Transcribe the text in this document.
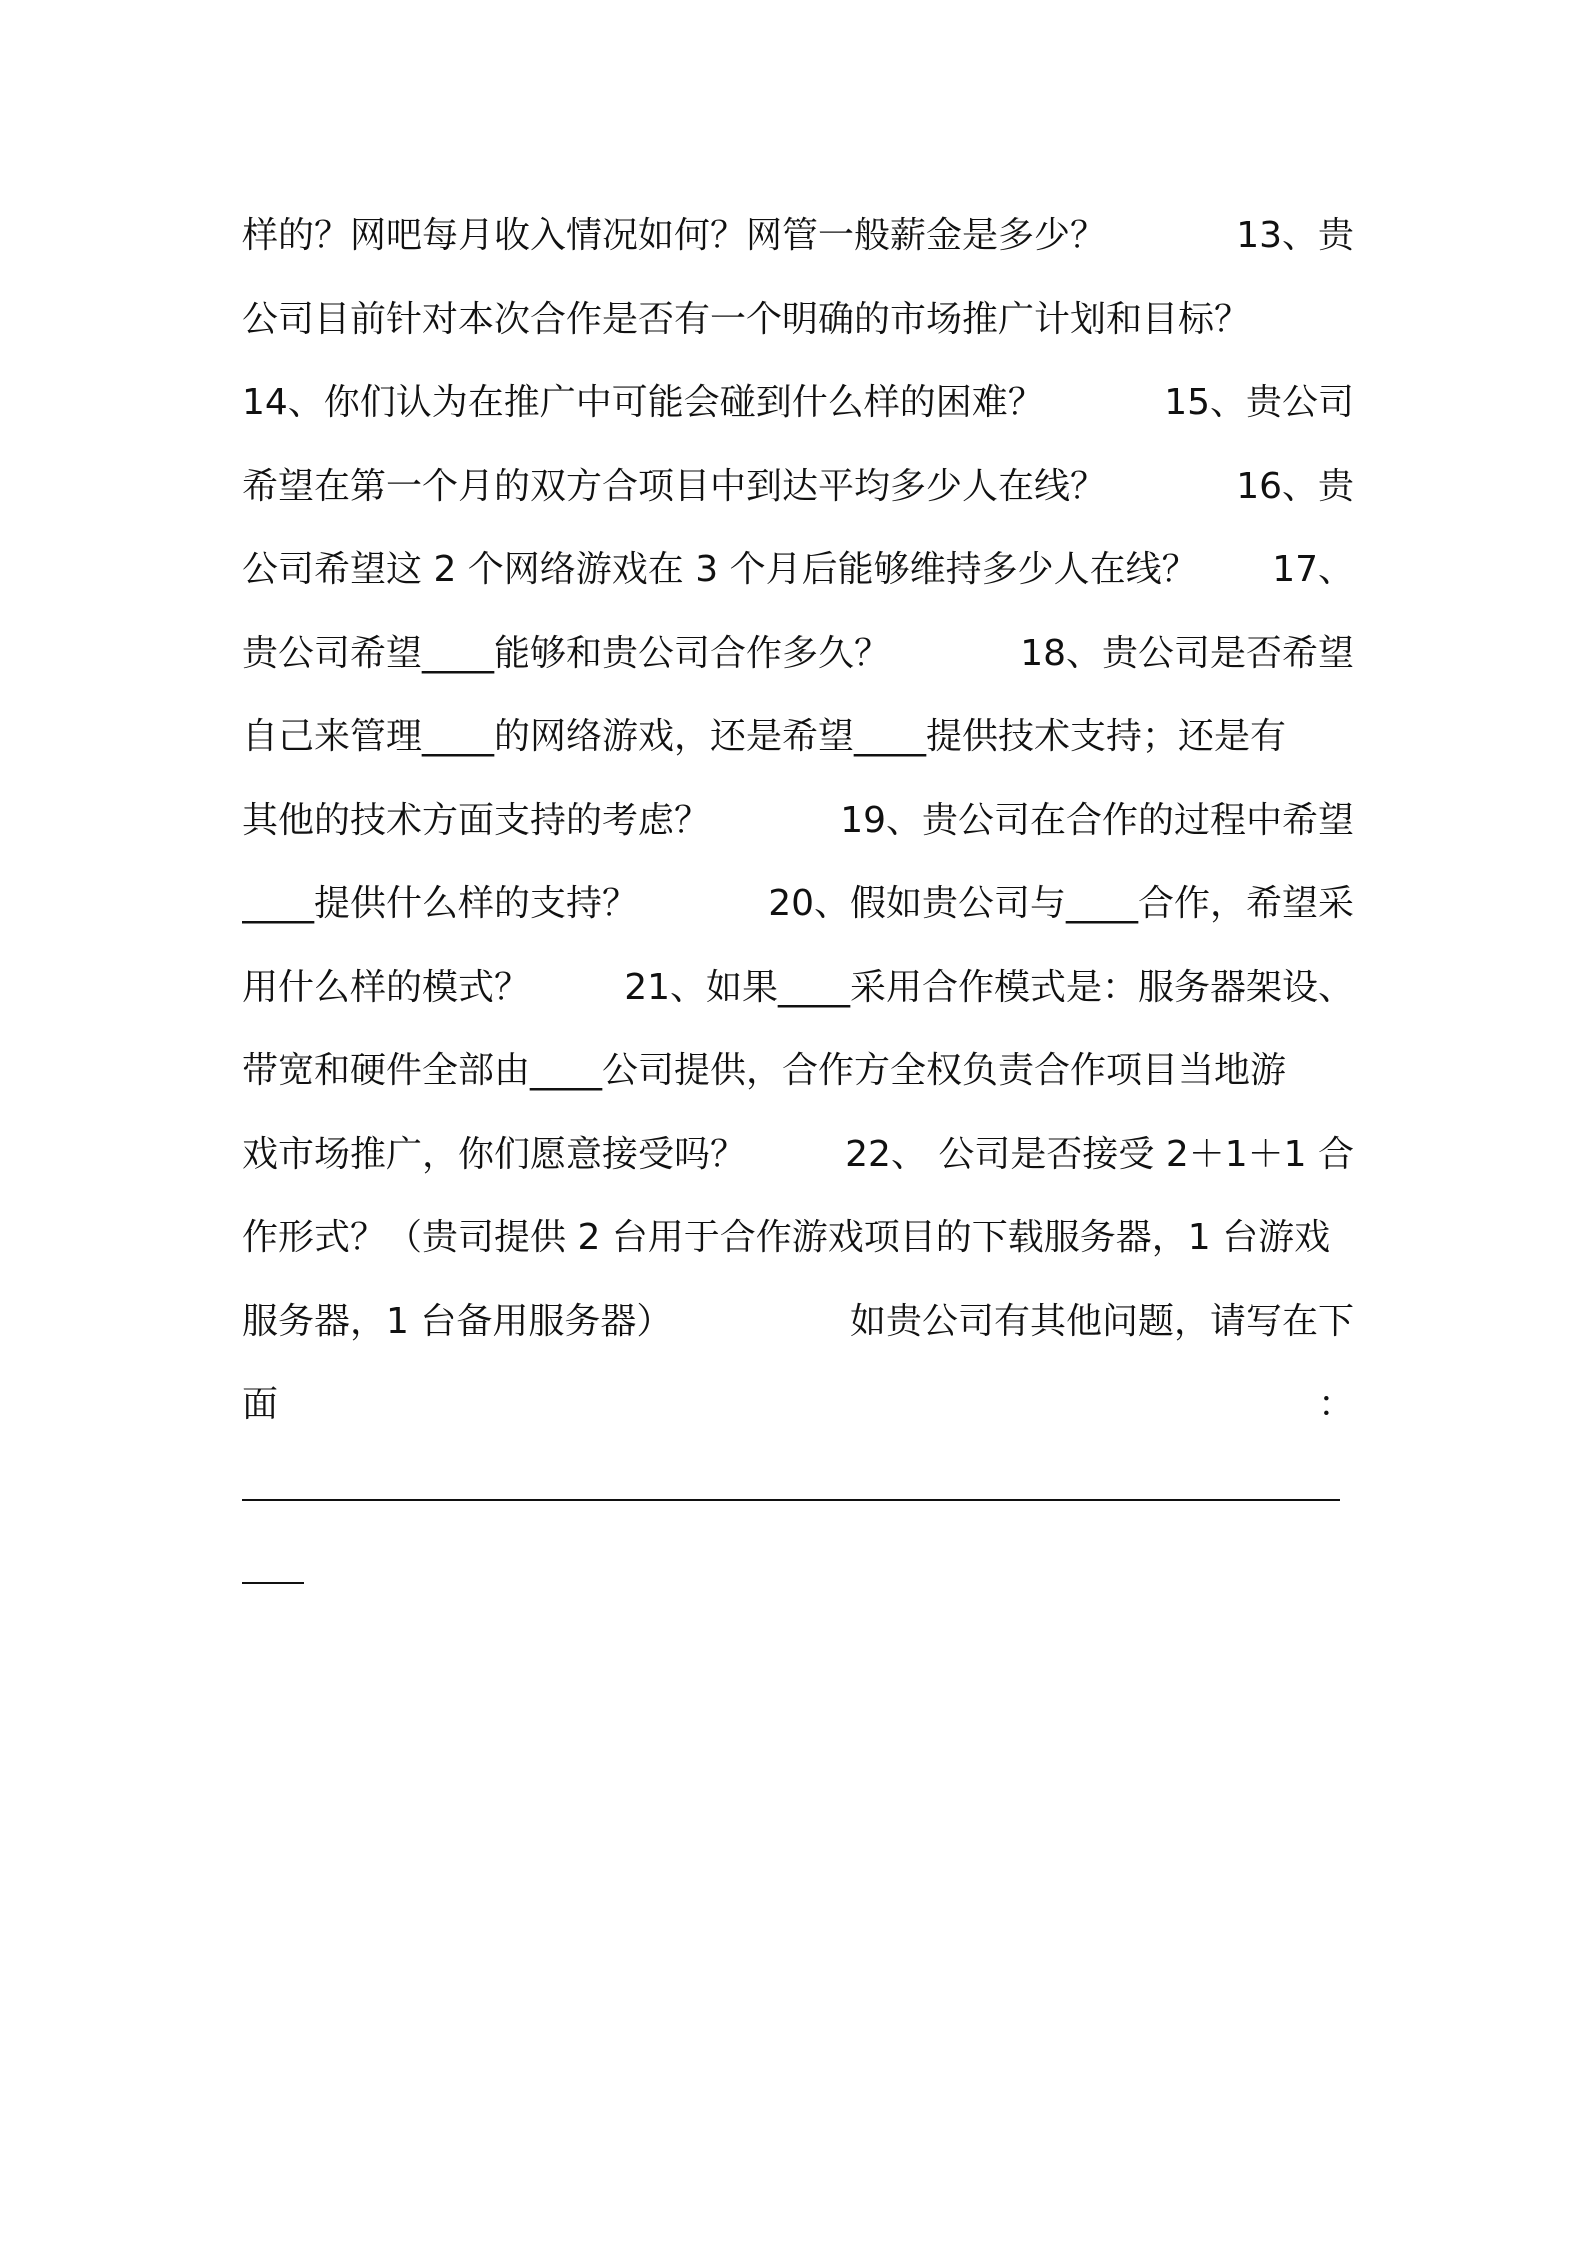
样的？网吧每月收入情况如何？网管一般薪金是多少？	13、贵
公司目前针对本次合作是否有一个明确的市场推广计划和目标？
14、你们认为在推广中可能会碰到什么样的困难？	15、贵公司
希望在第一个月的双方合项目中到达平均多少人在线？	16、贵
公司希望这 2 个网络游戏在 3 个月后能够维持多少人在线？ 17、
贵公司希望____能够和贵公司合作多久？	18、贵公司是否希望
自己来管理____的网络游戏，还是希望____提供技术支持；还是有
其他的技术方面支持的考虑？	19、贵公司在合作的过程中希望
____提供什么样的支持？	20、假如贵公司与____合作，希望采
用什么样的模式？	21、如果____采用合作模式是：服务器架设、
带宽和硬件全部由____公司提供，合作方全权负责合作项目当地游
戏市场推广，你们愿意接受吗？	22、 公司是否接受 2＋1＋1 合
作形式？（贵司提供 2 台用于合作游戏项目的下载服务器，1 台游戏
服务器，1 台备用服务器）	如贵公司有其他问题，请写在下
面	：
